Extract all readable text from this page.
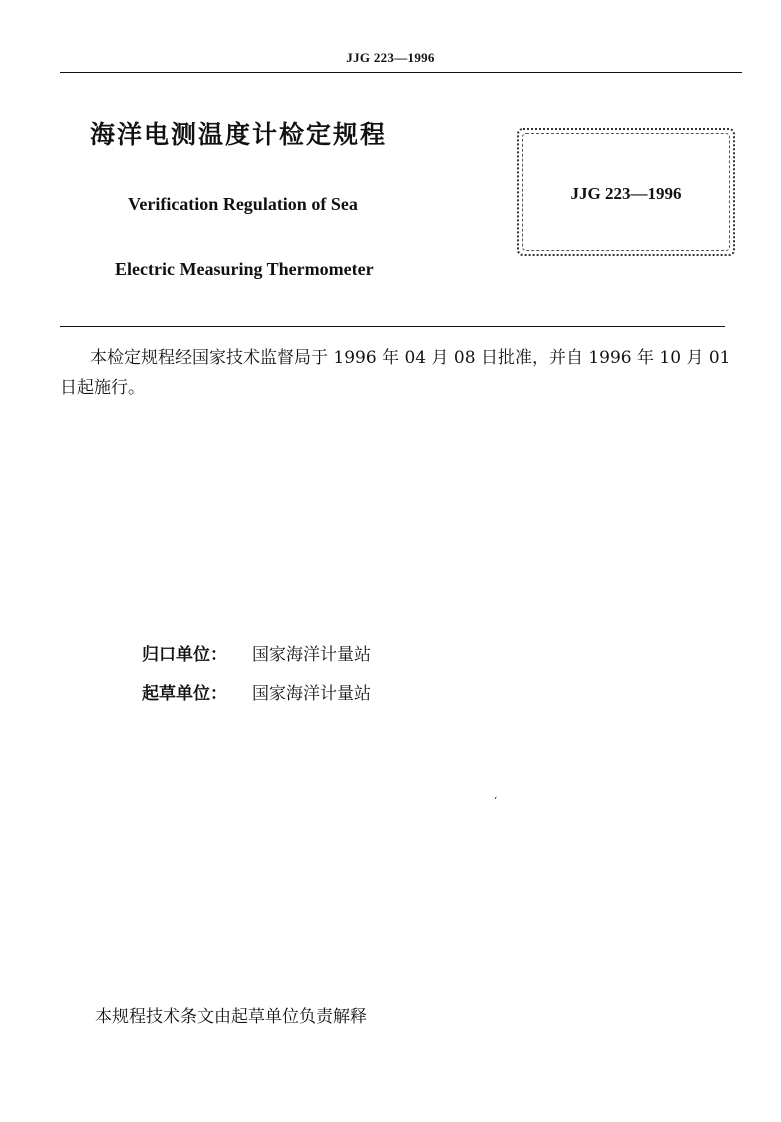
JJG 223—1996
海洋电测温度计检定规程
Verification Regulation of Sea
Electric Measuring Thermometer
JJG 223—1996
本检定规程经国家技术监督局于 1996 年 04 月 08 日批准，并自 1996 年 10 月 01 日起施行。
归口单位：	国家海洋计量站
起草单位：	国家海洋计量站
‘
本规程技术条文由起草单位负责解释
